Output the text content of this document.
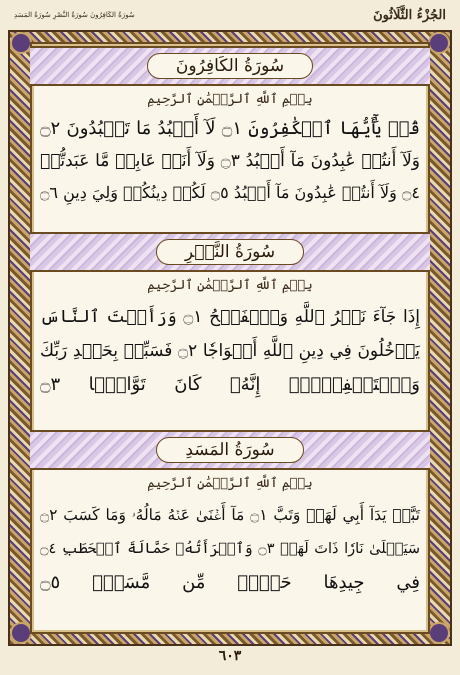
الجُزْءُ الثَّلَاثُونَ
سُورَةُ الكَافِرُونَ سُورَةُ النَّصْرِ سُورَةُ المَسَدِ
سُورَةُ الكَافِرُونَ
بِسۡمِ ٱللَّهِ ٱلرَّحۡمَٰنِ ٱلرَّحِيمِ
قُلۡ يَٰٓأَيُّهَا ٱلۡكَٰفِرُونَ ۝١ لَآ أَعۡبُدُ مَا تَعۡبُدُونَ ۝٢
وَلَآ أَنتُمۡ عَٰبِدُونَ مَآ أَعۡبُدُ ۝٣ وَلَآ أَنَا۠ عَابِدٞ مَّا عَبَدتُّمۡ
۝٤ وَلَآ أَنتُمۡ عَٰبِدُونَ مَآ أَعۡبُدُ ۝٥ لَكُمۡ دِينُكُمۡ وَلِيَ دِينِ ۝٦
سُورَةُ النَّصۡرِ
بِسۡمِ ٱللَّهِ ٱلرَّحۡمَٰنِ ٱلرَّحِيمِ
إِذَا جَآءَ نَصۡرُ ٱللَّهِ وَٱلۡفَتۡحُ ۝١ وَرَأَيۡتَ ٱلنَّاسَ
يَدۡخُلُونَ فِي دِينِ ٱللَّهِ أَفۡوَاجٗا ۝٢ فَسَبِّحۡ بِحَمۡدِ رَبِّكَ
وَٱسۡتَغۡفِرۡهُۚ إِنَّهُۥ كَانَ تَوَّابَۢا ۝٣
سُورَةُ المَسَدِ
بِسۡمِ ٱللَّهِ ٱلرَّحۡمَٰنِ ٱلرَّحِيمِ
تَبَّتۡ يَدَآ أَبِي لَهَبٖ وَتَبَّ ۝١ مَآ أَغۡنَىٰ عَنۡهُ مَالُهُۥ وَمَا كَسَبَ ۝٢
سَيَصۡلَىٰ نَارٗا ذَاتَ لَهَبٖ ۝٣ وَٱمۡرَأَتُهُۥ حَمَّالَةَ ٱلۡحَطَبِ ۝٤
فِي جِيدِهَا حَبۡلٞ مِّن مَّسَدِۭ ۝٥
٦٠٣
